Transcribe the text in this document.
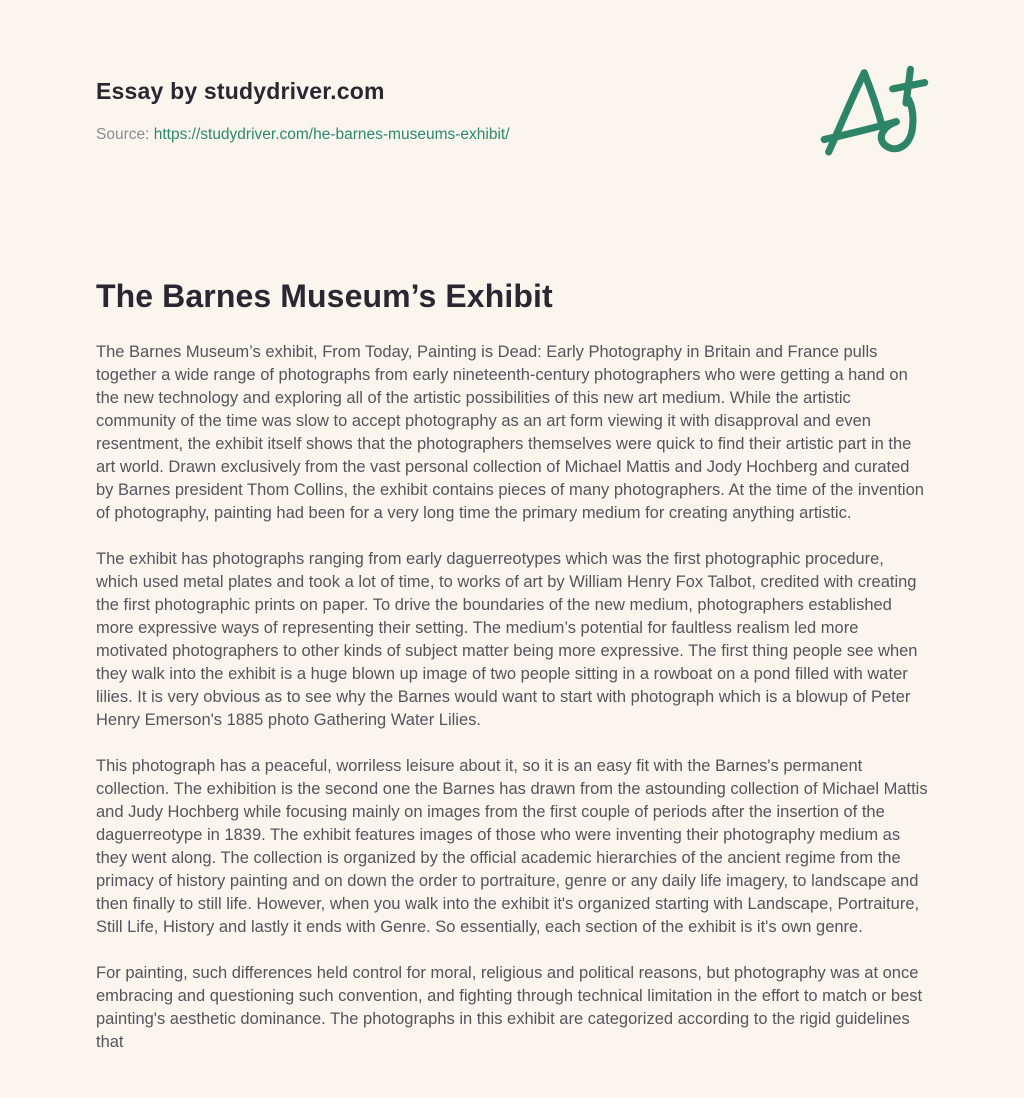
Essay by studydriver.com
Source: https://studydriver.com/he-barnes-museums-exhibit/
The Barnes Museum’s Exhibit

The Barnes Museum’s exhibit, From Today, Painting is Dead: Early Photography in Britain and France pulls together a wide range of photographs from early nineteenth-century photographers who were getting a hand on the new technology and exploring all of the artistic possibilities of this new art medium. While the artistic community of the time was slow to accept photography as an art form viewing it with disapproval and even resentment, the exhibit itself shows that the photographers themselves were quick to find their artistic part in the art world. Drawn exclusively from the vast personal collection of Michael Mattis and Jody Hochberg and curated by Barnes president Thom Collins, the exhibit contains pieces of many photographers. At the time of the invention of photography, painting had been for a very long time the primary medium for creating anything artistic.

The exhibit has photographs ranging from early daguerreotypes which was the first photographic procedure, which used metal plates and took a lot of time, to works of art by William Henry Fox Talbot, credited with creating the first photographic prints on paper. To drive the boundaries of the new medium, photographers established more expressive ways of representing their setting. The medium’s potential for faultless realism led more motivated photographers to other kinds of subject matter being more expressive. The first thing people see when they walk into the exhibit is a huge blown up image of two people sitting in a rowboat on a pond filled with water lilies. It is very obvious as to see why the Barnes would want to start with photograph which is a blowup of Peter Henry Emerson's 1885 photo Gathering Water Lilies.

This photograph has a peaceful, worriless leisure about it, so it is an easy fit with the Barnes's permanent collection. The exhibition is the second one the Barnes has drawn from the astounding collection of Michael Mattis and Judy Hochberg while focusing mainly on images from the first couple of periods after the insertion of the daguerreotype in 1839. The exhibit features images of those who were inventing their photography medium as they went along. The collection is organized by the official academic hierarchies of the ancient regime from the primacy of history painting and on down the order to portraiture, genre or any daily life imagery, to landscape and then finally to still life. However, when you walk into the exhibit it's organized starting with Landscape, Portraiture, Still Life, History and lastly it ends with Genre. So essentially, each section of the exhibit is it's own genre.

For painting, such differences held control for moral, religious and political reasons, but photography was at once embracing and questioning such convention, and fighting through technical limitation in the effort to match or best painting's aesthetic dominance. The photographs in this exhibit are categorized according to the rigid guidelines that
